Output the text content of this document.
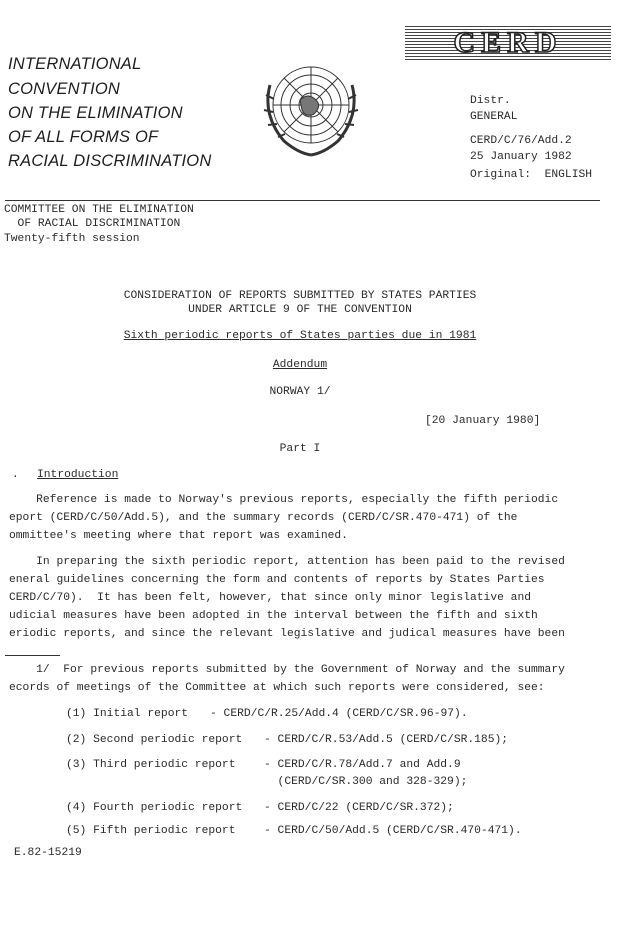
INTERNATIONAL
CONVENTION
ON THE ELIMINATION
OF ALL FORMS OF
RACIAL DISCRIMINATION
CERD
Distr.
GENERAL
CERD/C/76/Add.2
25 January 1982
Original:  ENGLISH
COMMITTEE ON THE ELIMINATION
OF RACIAL DISCRIMINATION
Twenty-fifth session
CONSIDERATION OF REPORTS SUBMITTED BY STATES PARTIES
UNDER ARTICLE 9 OF THE CONVENTION
Sixth periodic reports of States parties due in 1981
Addendum
NORWAY 1/
[20 January 1980]
Part I
. Introduction
Reference is made to Norway's previous reports, especially the fifth periodic
eport (CERD/C/50/Add.5), and the summary records (CERD/C/SR.470-471) of the
ommittee's meeting where that report was examined.
In preparing the sixth periodic report, attention has been paid to the revised
eneral guidelines concerning the form and contents of reports by States Parties
CERD/C/70).  It has been felt, however, that since only minor legislative and
udicial measures have been adopted in the interval between the fifth and sixth
eriodic reports, and since the relevant legislative and judical measures have been
1/  For previous reports submitted by the Government of Norway and the summary
ecords of meetings of the Committee at which such reports were considered, see:
(1) Initial report - CERD/C/R.25/Add.4 (CERD/C/SR.96-97).
(2) Second periodic report - CERD/C/R.53/Add.5 (CERD/C/SR.185);
(3) Third periodic report	- CERD/C/R.78/Add.7 and Add.9
(CERD/C/SR.300 and 328-329);
(4) Fourth periodic report - CERD/C/22 (CERD/C/SR.372);
(5) Fifth periodic report	- CERD/C/50/Add.5 (CERD/C/SR.470-471).
E.82-15219
